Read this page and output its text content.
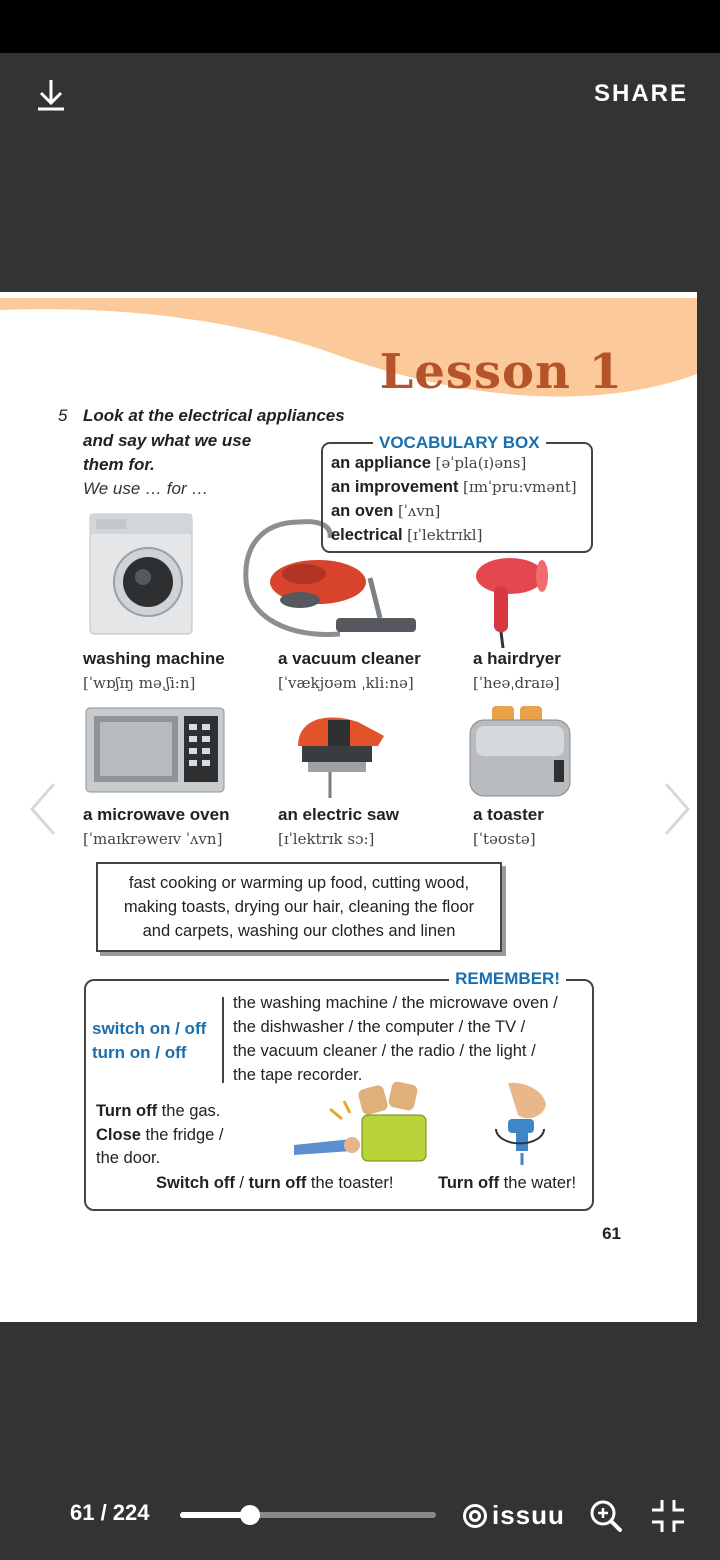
SHARE
Lesson 1
5 Look at the electrical appliances
and say what we use
them for.
We use … for …
VOCABULARY BOX
an appliance [əˈpla(ɪ)əns]
an improvement [ɪmˈpru:vmənt]
an oven [ˈʌvn]
electrical [ɪˈlektrɪkl]
washing machine
[ˈwɒʃɪŋ məˌʃi:n]
a vacuum cleaner
[ˈvækjʊəm ˌkli:nə]
a hairdryer
[ˈheəˌdraɪə]
a microwave oven
[ˈmaɪkrəweɪv ˈʌvn]
an electric saw
[ɪˈlektrɪk sɔ:]
a toaster
[ˈtəʊstə]
fast cooking or warming up food, cutting wood,
making toasts, drying our hair, cleaning the floor
and carpets, washing our clothes and linen
REMEMBER!
switch on / off
turn on / off
the washing machine / the microwave oven /
the dishwasher / the computer / the TV /
the vacuum cleaner / the radio / the light /
the tape recorder.
Turn off the gas.
Close the fridge /
the door.
Switch off / turn off the toaster!	Turn off the water!
61
61 / 224	issuu
